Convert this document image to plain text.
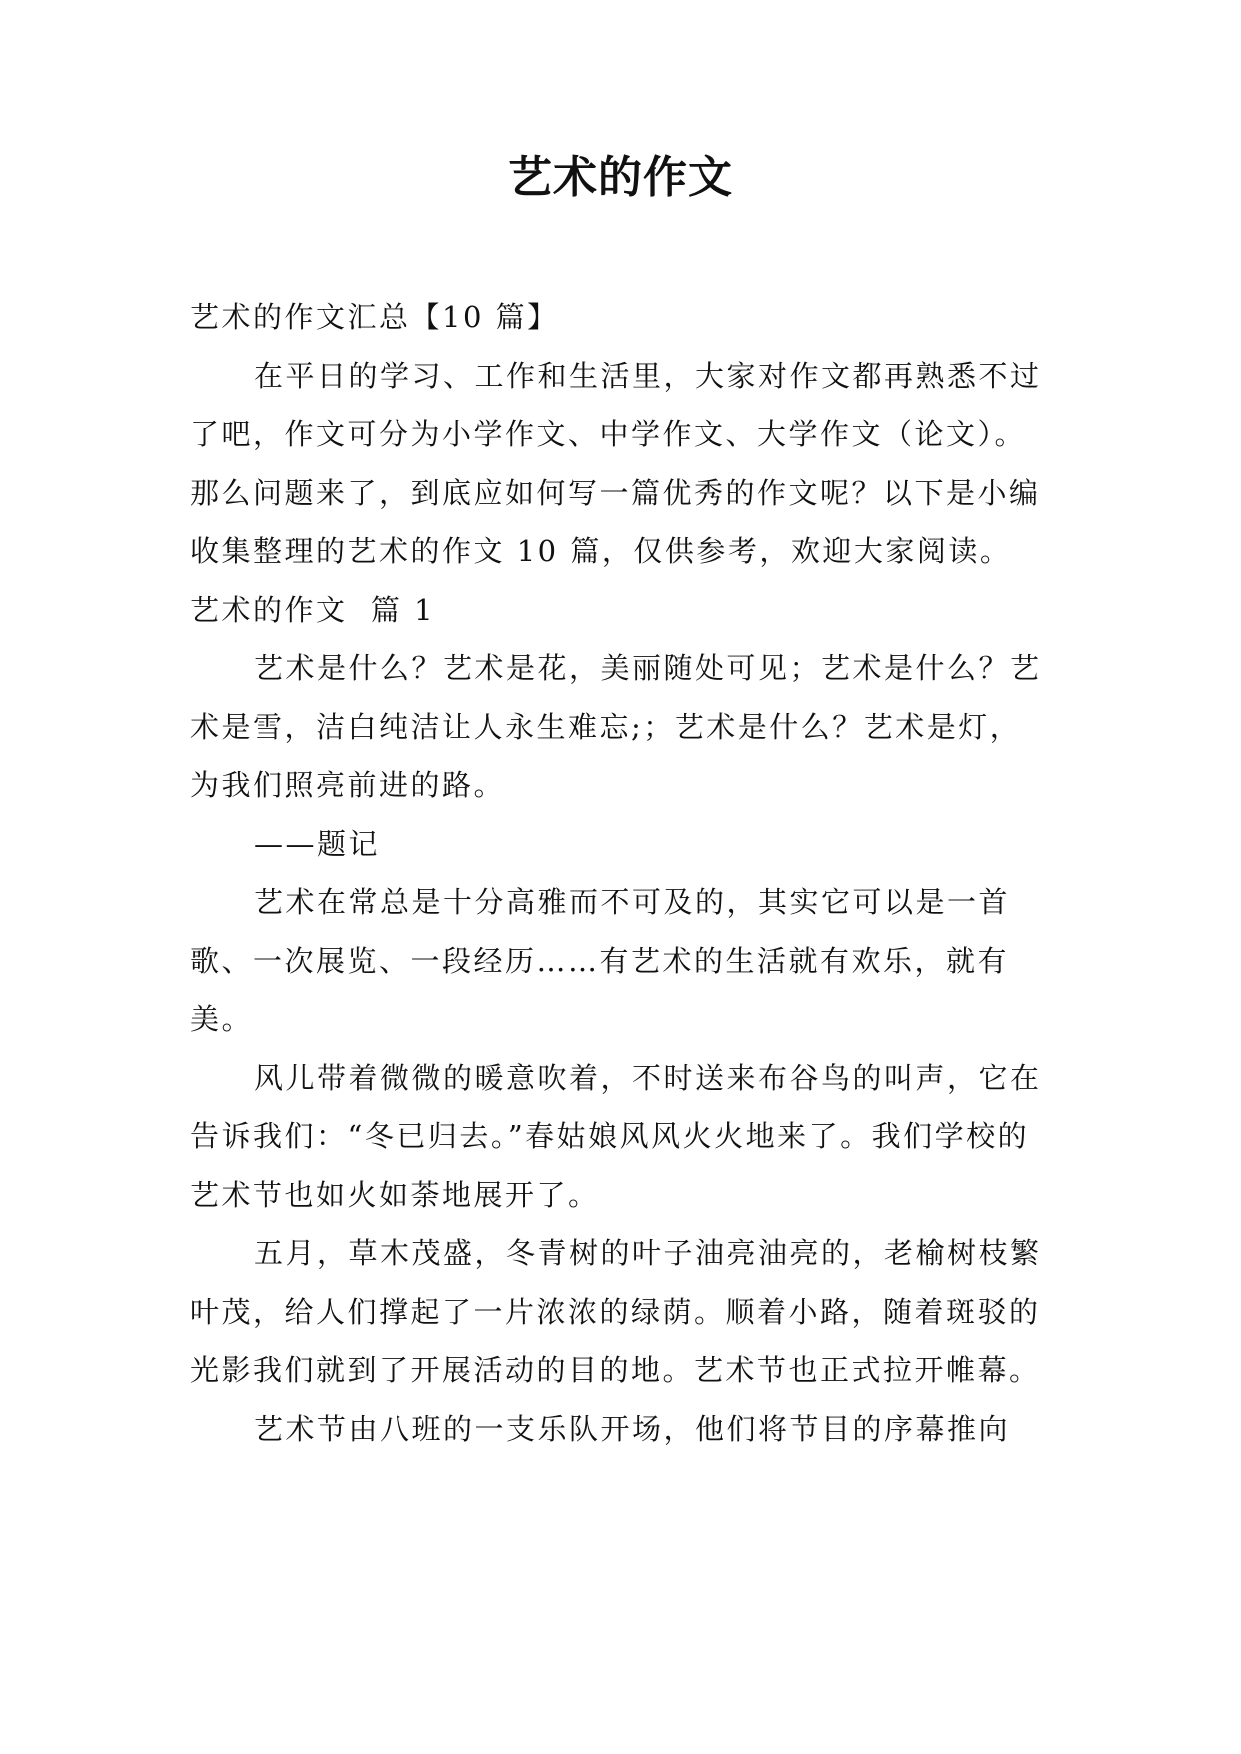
艺术的作文

艺术的作文汇总【10 篇】

在平日的学习、工作和生活里，大家对作文都再熟悉不过了吧，作文可分为小学作文、中学作文、大学作文（论文）。那么问题来了，到底应如何写一篇优秀的作文呢？以下是小编收集整理的艺术的作文 10 篇，仅供参考，欢迎大家阅读。

艺术的作文  篇 1

艺术是什么？艺术是花，美丽随处可见；艺术是什么？艺术是雪，洁白纯洁让人永生难忘;；艺术是什么？艺术是灯，为我们照亮前进的路。

——题记

艺术在常总是十分高雅而不可及的，其实它可以是一首歌、一次展览、一段经历……有艺术的生活就有欢乐，就有美。

风儿带着微微的暖意吹着，不时送来布谷鸟的叫声，它在告诉我们：“冬已归去。”春姑娘风风火火地来了。我们学校的艺术节也如火如荼地展开了。

五月，草木茂盛，冬青树的叶子油亮油亮的，老榆树枝繁叶茂，给人们撑起了一片浓浓的绿荫。顺着小路，随着斑驳的光影我们就到了开展活动的目的地。艺术节也正式拉开帷幕。

艺术节由八班的一支乐队开场，他们将节目的序幕推向
